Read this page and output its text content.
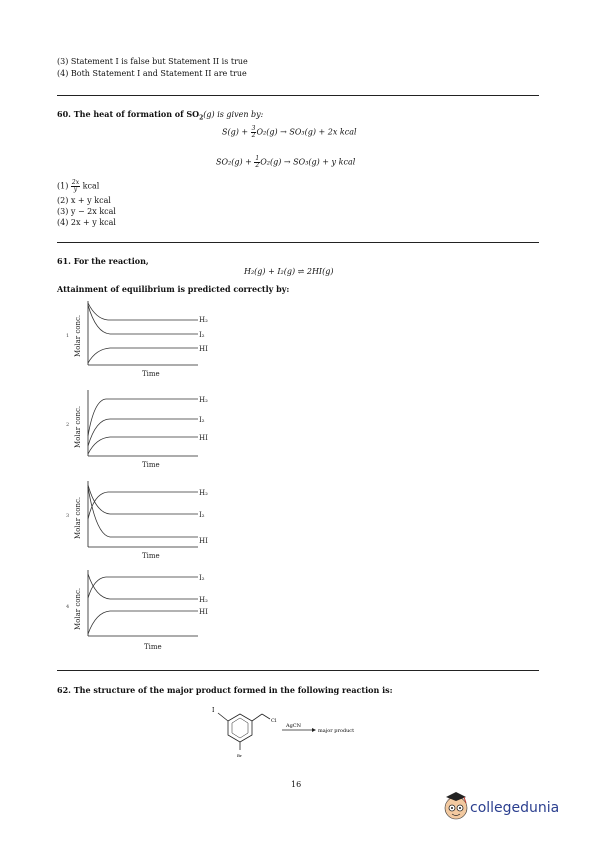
(3) Statement I is false but Statement II is true
(4) Both Statement I and Statement II are true
60. The heat of formation of $SO_2(g)$ is given by:
$S(g) + \frac{3}{2} O_2(g) \to SO_3(g) + 2x$ kcal
$SO_2(g) + \frac{1}{2} O_2(g) \to SO_3(g) + y$ kcal
$(1) \frac{2x}{y}$ kcal
(2) x + y kcal
(3) y − 2x kcal
(4) 2x + y kcal
61. For the reaction,
H₂(g) + I₂(g) ⇌ 2HI(g)
Attainment of equilibrium is predicted correctly by:
1 Molar conc.
Time
H₂
I₂
HI
2 Molar conc.
Time
H₂
I₂
HI
3 Molar conc.
Time
H₂
I₂
HI
4 Molar conc.
Time
I₂
H₂
HI
62. The structure of the major product formed in the following reaction is:
I
Cl
Br
AgCN
major product
16
collegedunia
